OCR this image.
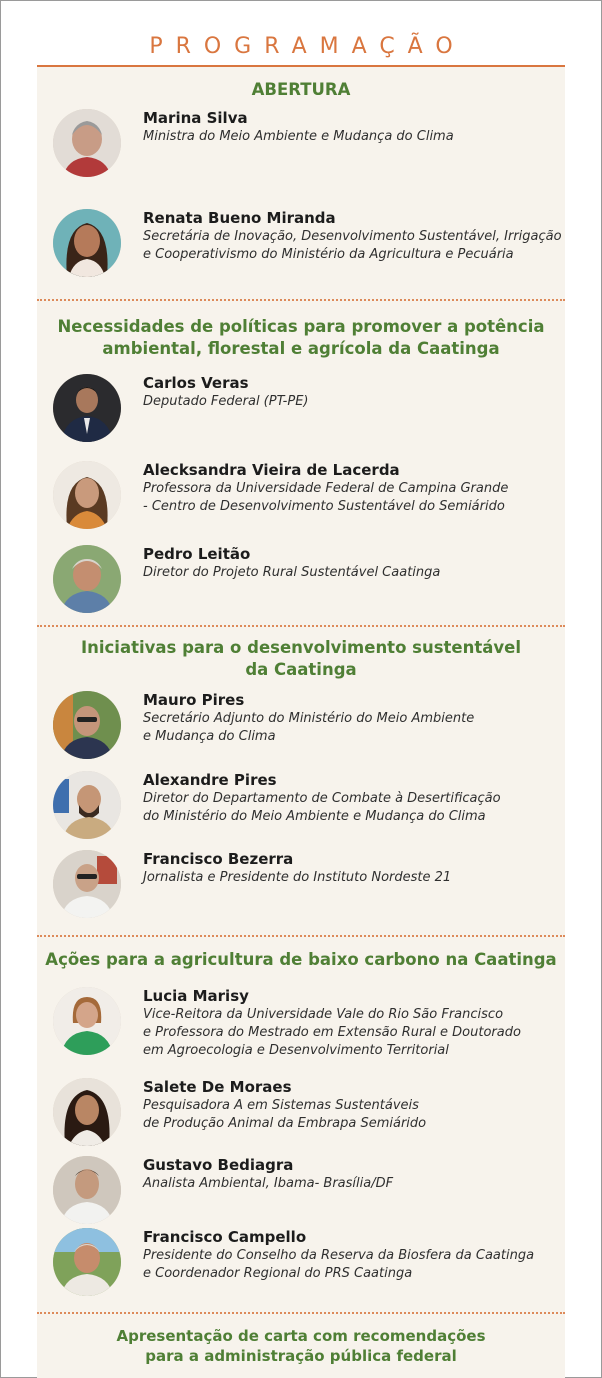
PROGRAMAÇÃO
ABERTURA
Marina Silva
Ministra do Meio Ambiente e Mudança do Clima
Renata Bueno Miranda
Secretária de Inovação, Desenvolvimento Sustentável, Irrigação
e Cooperativismo do Ministério da Agricultura e Pecuária
Necessidades de políticas para promover a potência
ambiental, florestal e agrícola da Caatinga
Carlos Veras
Deputado Federal (PT-PE)
Alecksandra Vieira de Lacerda
Professora da Universidade Federal de Campina Grande
- Centro de Desenvolvimento Sustentável do Semiárido
Pedro Leitão
Diretor do Projeto Rural Sustentável Caatinga
Iniciativas para o desenvolvimento sustentável
da Caatinga
Mauro Pires
Secretário Adjunto do Ministério do Meio Ambiente
e Mudança do Clima
Alexandre Pires
Diretor do Departamento de Combate à Desertificação
do Ministério do Meio Ambiente e Mudança do Clima
Francisco Bezerra
Jornalista e Presidente do Instituto Nordeste 21
Ações para a agricultura de baixo carbono na Caatinga
Lucia Marisy
Vice-Reitora da Universidade Vale do Rio São Francisco
e Professora do Mestrado em Extensão Rural e Doutorado
em Agroecologia e Desenvolvimento Territorial
Salete De Moraes
Pesquisadora A em Sistemas Sustentáveis
de Produção Animal da Embrapa Semiárido
Gustavo Bediagra
Analista Ambiental, Ibama- Brasília/DF
Francisco Campello
Presidente do Conselho da Reserva da Biosfera da Caatinga
e Coordenador Regional do PRS Caatinga
Apresentação de carta com recomendações
para a administração pública federal
